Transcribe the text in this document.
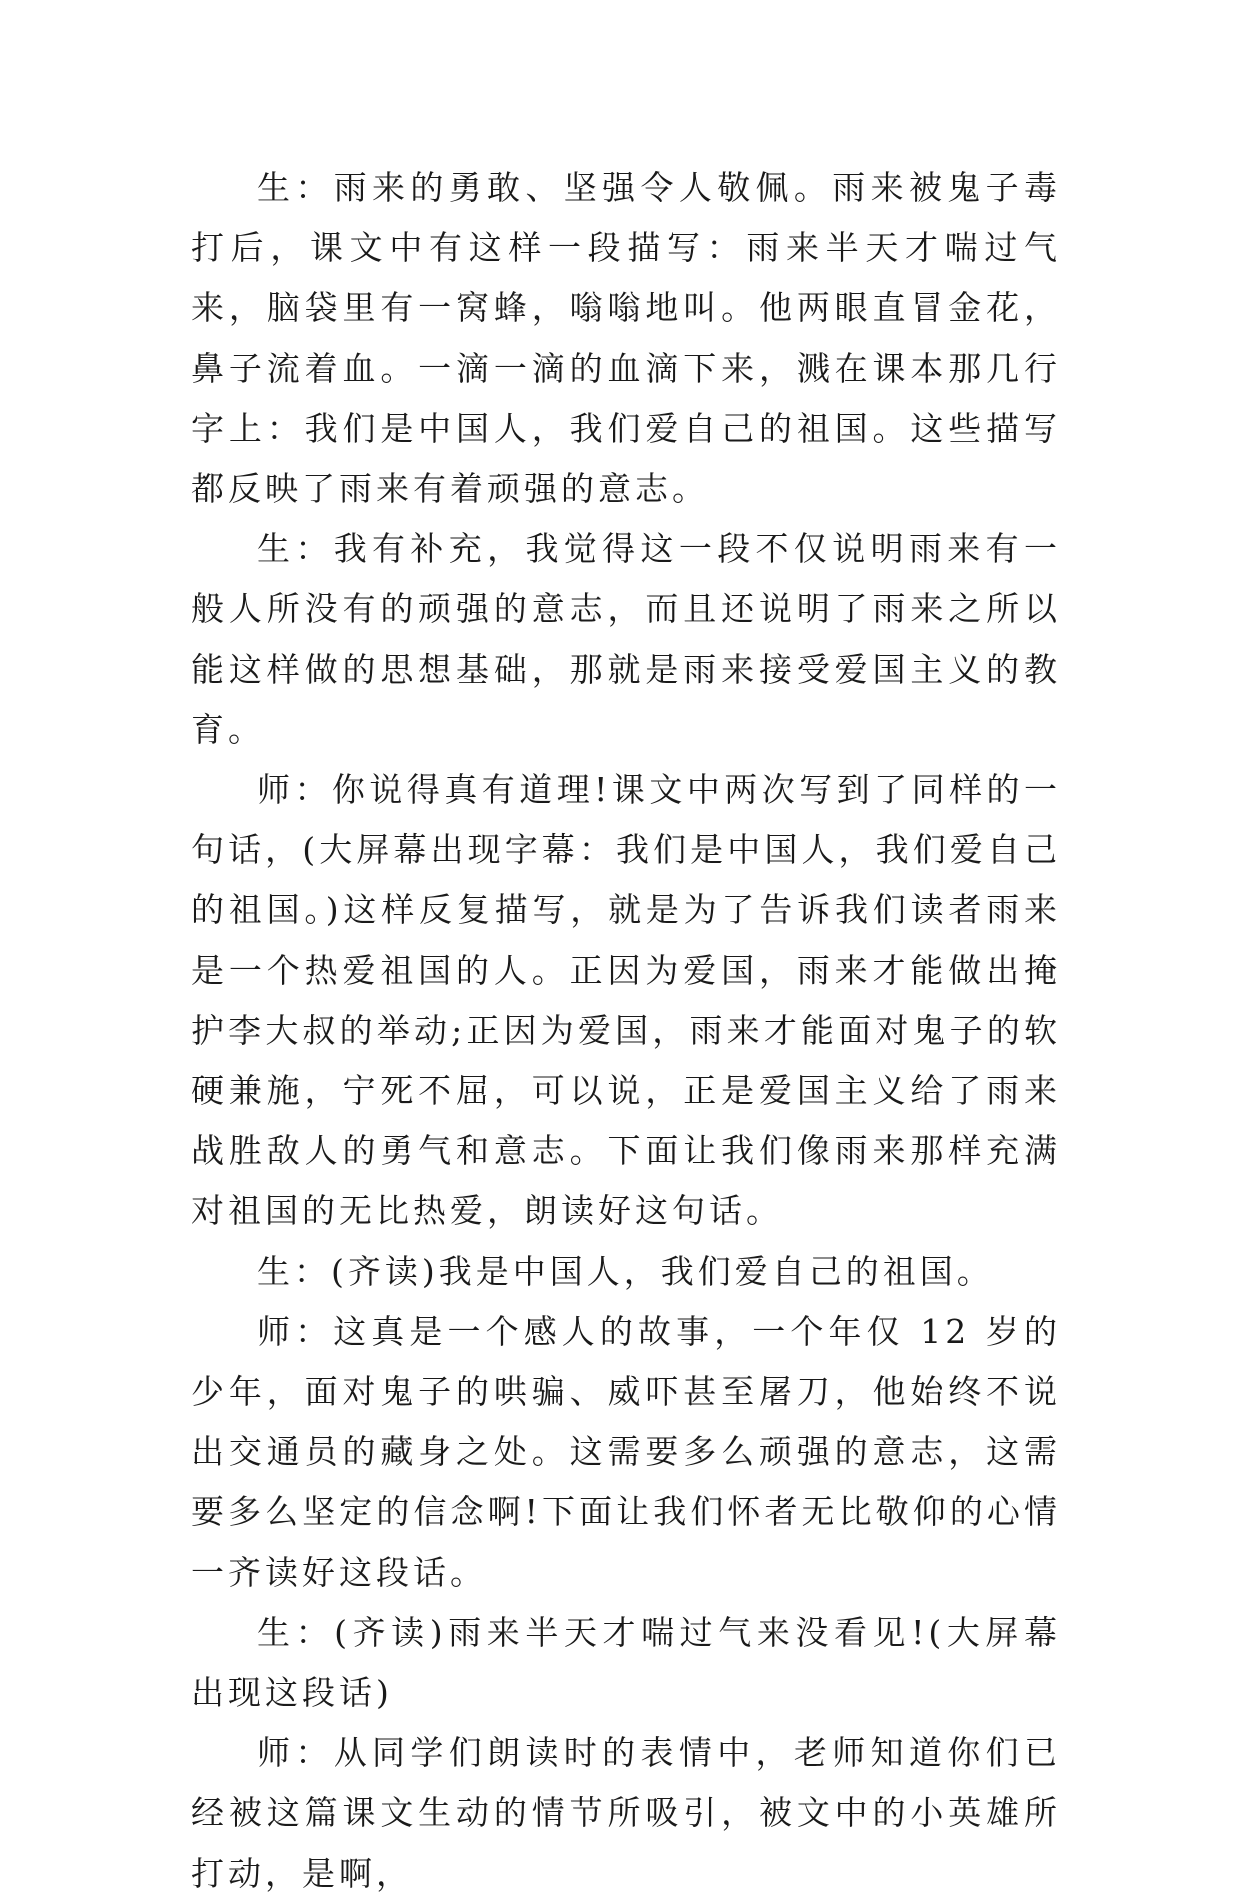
生：雨来的勇敢、坚强令人敬佩。雨来被鬼子毒打后，课文中有这样一段描写：雨来半天才喘过气来，脑袋里有一窝蜂，嗡嗡地叫。他两眼直冒金花，鼻子流着血。一滴一滴的血滴下来，溅在课本那几行字上：我们是中国人，我们爱自己的祖国。这些描写都反映了雨来有着顽强的意志。

生：我有补充，我觉得这一段不仅说明雨来有一般人所没有的顽强的意志，而且还说明了雨来之所以能这样做的思想基础，那就是雨来接受爱国主义的教育。

师：你说得真有道理!课文中两次写到了同样的一句话，(大屏幕出现字幕：我们是中国人，我们爱自己的祖国。)这样反复描写，就是为了告诉我们读者雨来是一个热爱祖国的人。正因为爱国，雨来才能做出掩护李大叔的举动;正因为爱国，雨来才能面对鬼子的软硬兼施，宁死不屈，可以说，正是爱国主义给了雨来战胜敌人的勇气和意志。下面让我们像雨来那样充满对祖国的无比热爱，朗读好这句话。

生：(齐读)我是中国人，我们爱自己的祖国。

师：这真是一个感人的故事，一个年仅 12 岁的少年，面对鬼子的哄骗、威吓甚至屠刀，他始终不说出交通员的藏身之处。这需要多么顽强的意志，这需要多么坚定的信念啊!下面让我们怀者无比敬仰的心情一齐读好这段话。

生：(齐读)雨来半天才喘过气来没看见!(大屏幕出现这段话)

师：从同学们朗读时的表情中，老师知道你们已经被这篇课文生动的情节所吸引，被文中的小英雄所打动，是啊，
